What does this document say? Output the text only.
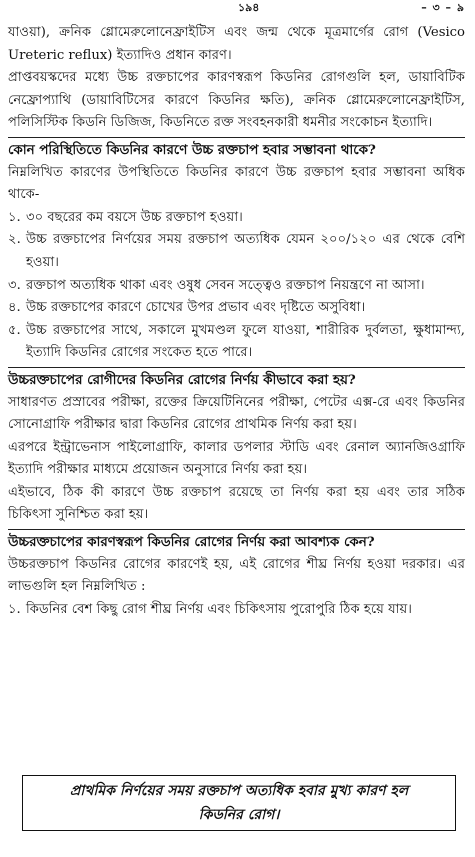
১৯৪	– ৩ – ৯

যাওয়া), ক্রনিক গ্লোমেরুলোনেফ্রাইটিস এবং জন্ম থেকে মূত্রমার্গের রোগ (Vesico Ureteric reflux) ইত্যাদিও প্রধান কারণ।

প্রাপ্তবয়স্কদের মধ্যে উচ্চ রক্তচাপের কারণস্বরূপ কিডনির রোগগুলি হল, ডায়াবিটিক নেফ্রোপ্যাথি (ডায়াবিটিসের কারণে কিডনির ক্ষতি), ক্রনিক গ্লোমেরুলোনেফ্রাইটিস, পলিসিস্টিক কিডনি ডিজিজ, কিডনিতে রক্ত সংবহনকারী ধমনীর সংকোচন ইত্যাদি।

কোন পরিস্থিতিতে কিডনির কারণে উচ্চ রক্তচাপ হবার সম্ভাবনা থাকে?

নিম্নলিখিত কারণের উপস্থিতিতে কিডনির কারণে উচ্চ রক্তচাপ হবার সম্ভাবনা অধিক থাকে-

১. ৩০ বছরের কম বয়সে উচ্চ রক্তচাপ হওয়া।
২. উচ্চ রক্তচাপের নির্ণয়ের সময় রক্তচাপ অত্যধিক যেমন ২০০/১২০ এর থেকে বেশি হওয়া।
৩. রক্তচাপ অত্যধিক থাকা এবং ওষুধ সেবন সত্ত্বেও রক্তচাপ নিয়ন্ত্রণে না আসা।
৪. উচ্চ রক্তচাপের কারণে চোখের উপর প্রভাব এবং দৃষ্টিতে অসুবিধা।
৫. উচ্চ রক্তচাপের সাথে, সকালে মুখমণ্ডল ফুলে যাওয়া, শারীরিক দুর্বলতা, ক্ষুধামান্দ্য, ইত্যাদি কিডনির রোগের সংকেত হতে পারে।
উচ্চরক্তচাপের রোগীদের কিডনির রোগের নির্ণয় কীভাবে করা হয়?

সাধারণত প্রস্রাবের পরীক্ষা, রক্তের ক্রিয়েটিনিনের পরীক্ষা, পেটের এক্স-রে এবং কিডনির সোনোগ্রাফি পরীক্ষার দ্বারা কিডনির রোগের প্রাথমিক নির্ণয় করা হয়।

এরপরে ইন্ট্রাভেনাস পাইলোগ্রাফি, কালার ডপলার স্টাডি এবং রেনাল অ্যানজিওগ্রাফি ইত্যাদি পরীক্ষার মাধ্যমে প্রয়োজন অনুসারে নির্ণয় করা হয়।

এইভাবে, ঠিক কী কারণে উচ্চ রক্তচাপ রয়েছে তা নির্ণয় করা হয় এবং তার সঠিক চিকিৎসা সুনিশ্চিত করা হয়।

উচ্চরক্তচাপের কারণস্বরূপ কিডনির রোগের নির্ণয় করা আবশ্যক কেন?

উচ্চরক্তচাপ কিডনির রোগের কারণেই হয়, এই রোগের শীঘ্র নির্ণয় হওয়া দরকার। এর লাভগুলি হল নিম্নলিখিত :

১. কিডনির বেশ কিছু রোগ শীঘ্র নির্ণয় এবং চিকিৎসায় পুরোপুরি ঠিক হয়ে যায়।
প্রাথমিক নির্ণয়ের সময় রক্তচাপ অত্যধিক হবার মুখ্য কারণ হল কিডনির রোগ।
